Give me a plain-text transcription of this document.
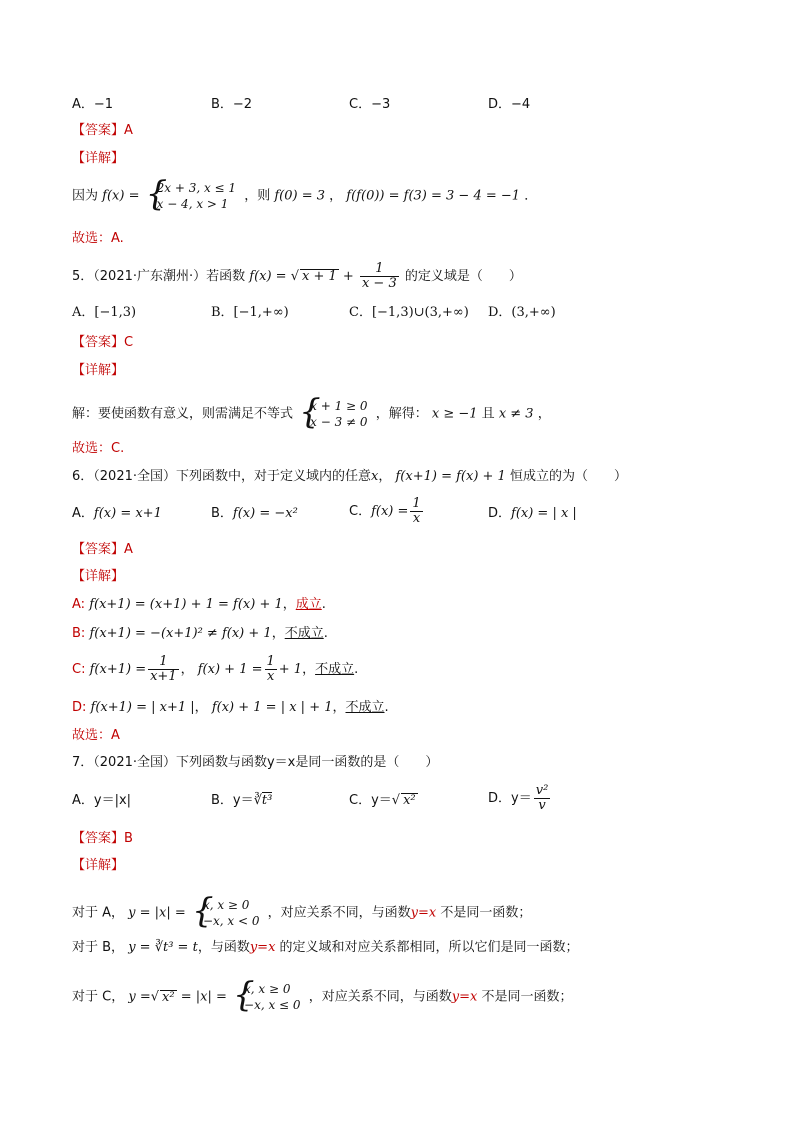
A．−1	B．−2	C．−3	D．−4
【答案】A
【详解】
因为 f(x) =
{ 2x + 3, x ≤ 1
x − 4, x > 1
，则 f(0) = 3 ， f(f(0)) = f(3) = 3 − 4 = −1 ．
故选：A.
5．（2021·广东潮州·）若函数 f(x) = √ $x + 1 + \frac{1}{x - 3}$ 的定义域是（　　）
A．[−1,3)	B．[−1,+∞)	C．[−1,3)∪(3,+∞) D．(3,+∞)
【答案】C
【详解】
解：要使函数有意义，则需满足不等式
{ x + 1 ≥ 0
x − 3 ≠ 0
，解得： x ≥ −1 且 x ≠ 3 ，
故选：C.
6．（2021·全国）下列函数中，对于定义域内的任意x， f(x+1) = f(x) + 1 恒成立的为（　　）
A．f(x) = x+1	B．f(x) = −x²	C．$f(x) = \frac{1}{x}$	D．f(x) = | x |
【答案】A
【详解】
A: f(x+1) = (x+1) + 1 = f(x) + 1，成立.
B: f(x+1) = −(x+1)² ≠ f(x) + 1，不成立.
C: $f(x+1) = \frac{1}{x+1}$ ， $f(x) + 1 = \frac{1}{x} + 1$，不成立.
D: f(x+1) = | x+1 |， f(x) + 1 = | x | + 1，不成立.
故选：A
7．（2021·全国）下列函数与函数y＝x是同一函数的是（　　）
A．y＝|x|	B．y＝∛t³	C．y＝√ x²	D．$y= \frac{\text{v²}}{v}$
【答案】B
【详解】
对于 A， y = |x| =
{ x, x ≥ 0
−x, x < 0
，对应关系不同，与函数y=x 不是同一函数；
对于 B， y = ∛t³ = t，与函数y=x 的定义域和对应关系都相同，所以它们是同一函数；
对于 C， y =√ x² = |x| =
{ x, x ≥ 0
−x, x ≤ 0
，对应关系不同，与函数y=x 不是同一函数；
